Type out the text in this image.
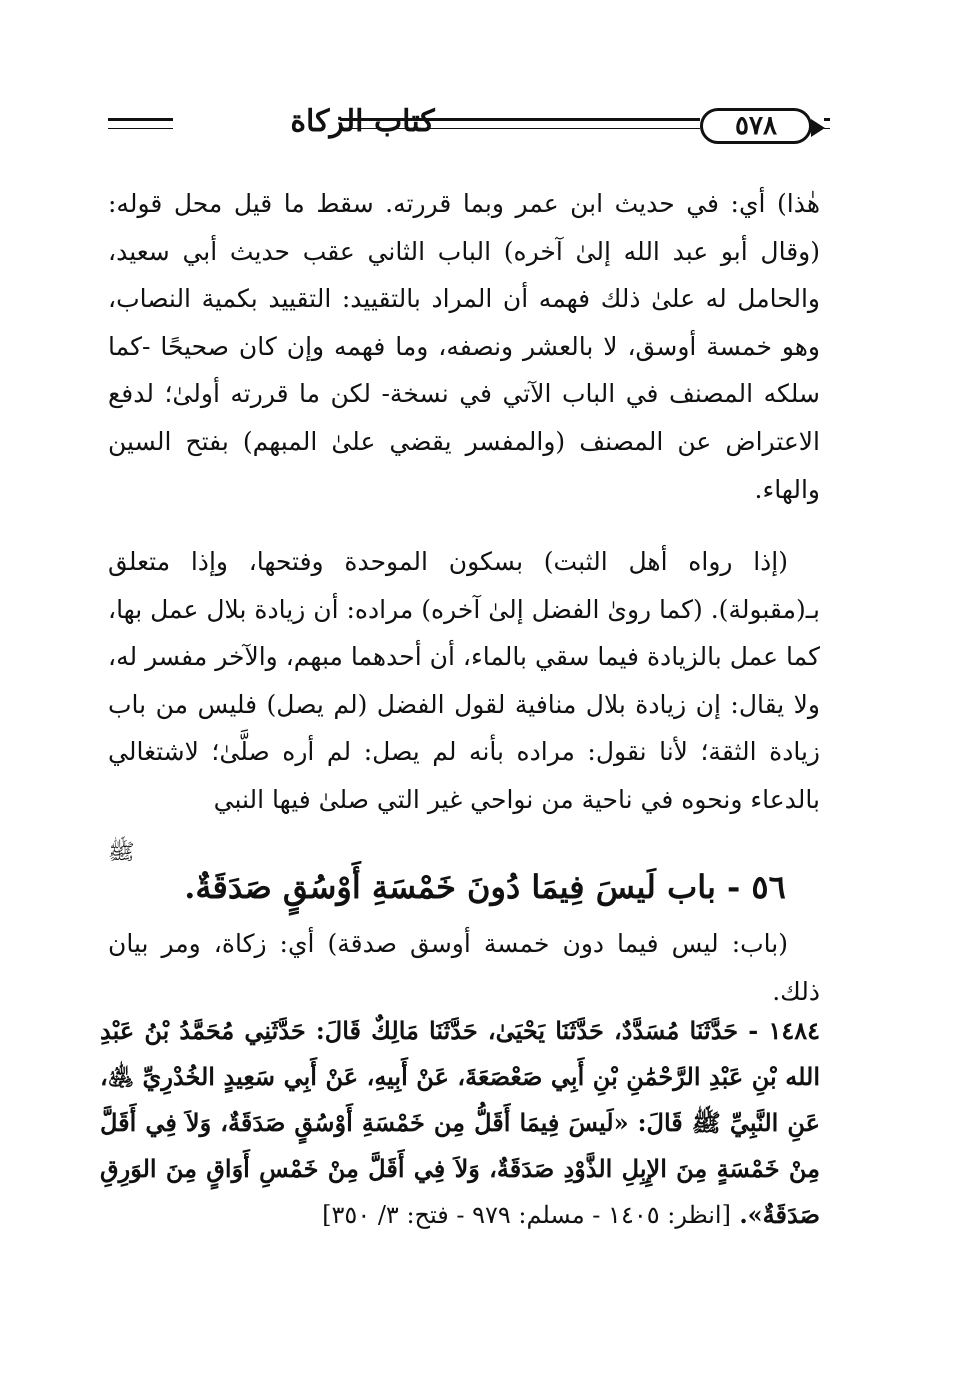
كتاب الزكاة	٥٧٨

هٰذا) أي: في حديث ابن عمر وبما قررته. سقط ما قيل محل قوله: (وقال أبو عبد الله إلىٰ آخره) الباب الثاني عقب حديث أبي سعيد، والحامل له علىٰ ذلك فهمه أن المراد بالتقييد: التقييد بكمية النصاب، وهو خمسة أوسق، لا بالعشر ونصفه، وما فهمه وإن كان صحيحًا -كما سلكه المصنف في الباب الآتي في نسخة- لكن ما قررته أولىٰ؛ لدفع الاعتراض عن المصنف (والمفسر يقضي علىٰ المبهم) بفتح السين والهاء.

(إذا رواه أهل الثبت) بسكون الموحدة وفتحها، وإذا متعلق بـ(مقبولة). (كما روىٰ الفضل إلىٰ آخره) مراده: أن زيادة بلال عمل بها، كما عمل بالزيادة فيما سقي بالماء، أن أحدهما مبهم، والآخر مفسر له، ولا يقال: إن زيادة بلال منافية لقول الفضل (لم يصل) فليس من باب زيادة الثقة؛ لأنا نقول: مراده بأنه لم يصل: لم أره صلَّىٰ؛ لاشتغالي بالدعاء ونحوه في ناحية من نواحي غير التي صلىٰ فيها النبي

ﷺ
٥٦ - باب لَيسَ فِيمَا دُونَ خَمْسَةِ أَوْسُقٍ صَدَقَةٌ.

(باب: ليس فيما دون خمسة أوسق صدقة) أي: زكاة، ومر بيان ذلك.

١٤٨٤ - حَدَّثَنَا مُسَدَّدٌ، حَدَّثَنَا يَحْيَىٰ، حَدَّثَنَا مَالِكٌ قَالَ: حَدَّثَنِي مُحَمَّدُ بْنُ عَبْدِ الله بْنِ عَبْدِ الرَّحْمَٰنِ بْنِ أَبِي صَعْصَعَةَ، عَنْ أَبِيهِ، عَنْ أَبِي سَعِيدٍ الخُدْرِيِّ ﵁، عَنِ النَّبِيِّ ﷺ قَالَ: «لَيسَ فِيمَا أَقَلُّ مِن خَمْسَةِ أَوْسُقٍ صَدَقَةٌ، وَلاَ فِي أَقَلَّ مِنْ خَمْسَةٍ مِنَ الإِبِلِ الذَّوْدِ صَدَقَةٌ، وَلاَ فِي أَقَلَّ مِنْ خَمْسِ أَوَاقٍ مِنَ الوَرِقِ صَدَقَةٌ». [انظر: ١٤٠٥ - مسلم: ٩٧٩ - فتح: ٣/ ٣٥٠]
